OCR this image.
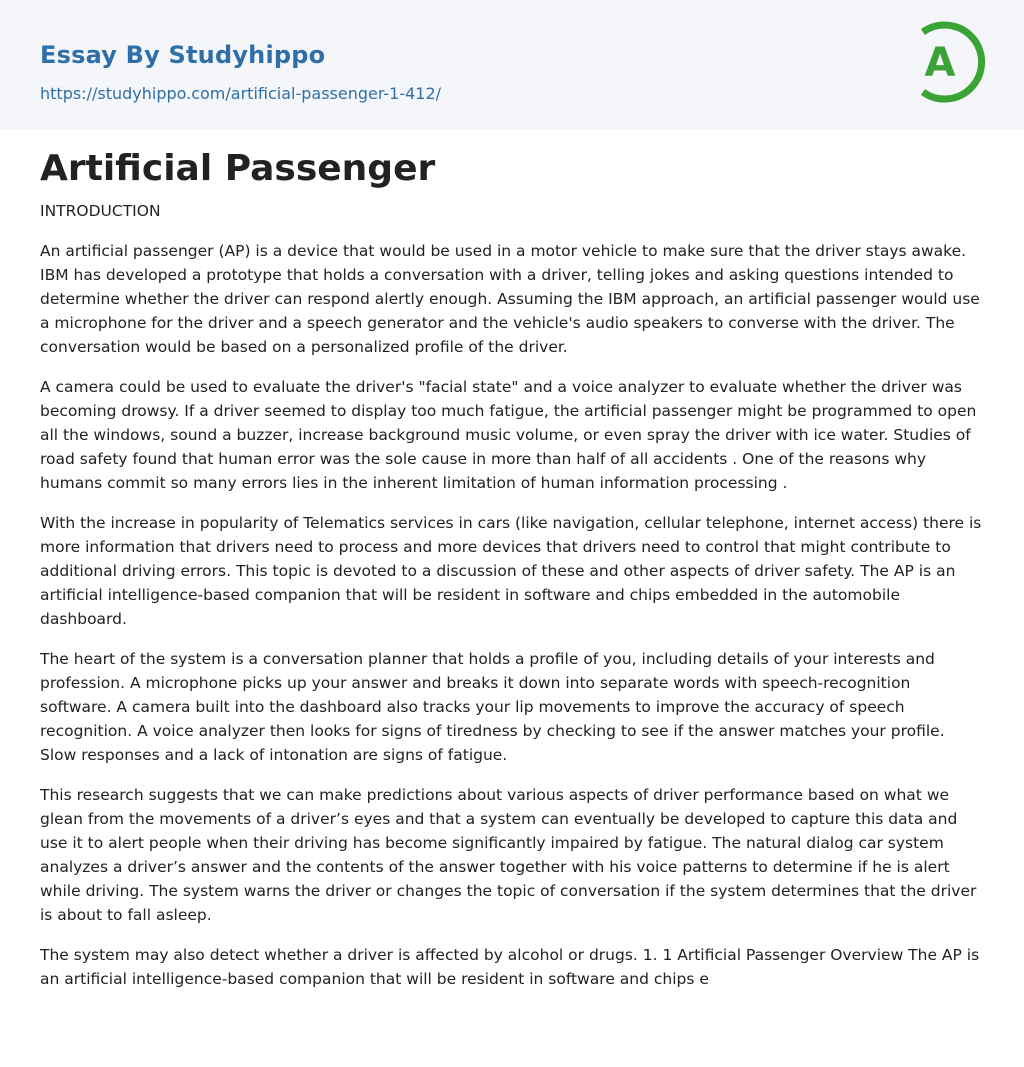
Essay By Studyhippo
https://studyhippo.com/artificial-passenger-1-412/
A
Artificial Passenger
INTRODUCTION

An artificial passenger (AP) is a device that would be used in a motor vehicle to make sure that the driver stays awake. IBM has developed a prototype that holds a conversation with a driver, telling jokes and asking questions intended to determine whether the driver can respond alertly enough. Assuming the IBM approach, an artificial passenger would use a microphone for the driver and a speech generator and the vehicle's audio speakers to converse with the driver. The conversation would be based on a personalized profile of the driver.

A camera could be used to evaluate the driver's "facial state" and a voice analyzer to evaluate whether the driver was becoming drowsy. If a driver seemed to display too much fatigue, the artificial passenger might be programmed to open all the windows, sound a buzzer, increase background music volume, or even spray the driver with ice water. Studies of road safety found that human error was the sole cause in more than half of all accidents . One of the reasons why humans commit so many errors lies in the inherent limitation of human information processing .

With the increase in popularity of Telematics services in cars (like navigation, cellular telephone, internet access) there is more information that drivers need to process and more devices that drivers need to control that might contribute to additional driving errors. This topic is devoted to a discussion of these and other aspects of driver safety. The AP is an artificial intelligence-based companion that will be resident in software and chips embedded in the automobile dashboard.

The heart of the system is a conversation planner that holds a profile of you, including details of your interests and profession. A microphone picks up your answer and breaks it down into separate words with speech-recognition software. A camera built into the dashboard also tracks your lip movements to improve the accuracy of speech recognition. A voice analyzer then looks for signs of tiredness by checking to see if the answer matches your profile. Slow responses and a lack of intonation are signs of fatigue.

This research suggests that we can make predictions about various aspects of driver performance based on what we glean from the movements of a driver’s eyes and that a system can eventually be developed to capture this data and use it to alert people when their driving has become significantly impaired by fatigue. The natural dialog car system analyzes a driver’s answer and the contents of the answer together with his voice patterns to determine if he is alert while driving. The system warns the driver or changes the topic of conversation if the system determines that the driver is about to fall asleep.

The system may also detect whether a driver is affected by alcohol or drugs. 1. 1 Artificial Passenger Overview The AP is an artificial intelligence-based companion that will be resident in software and chips e
